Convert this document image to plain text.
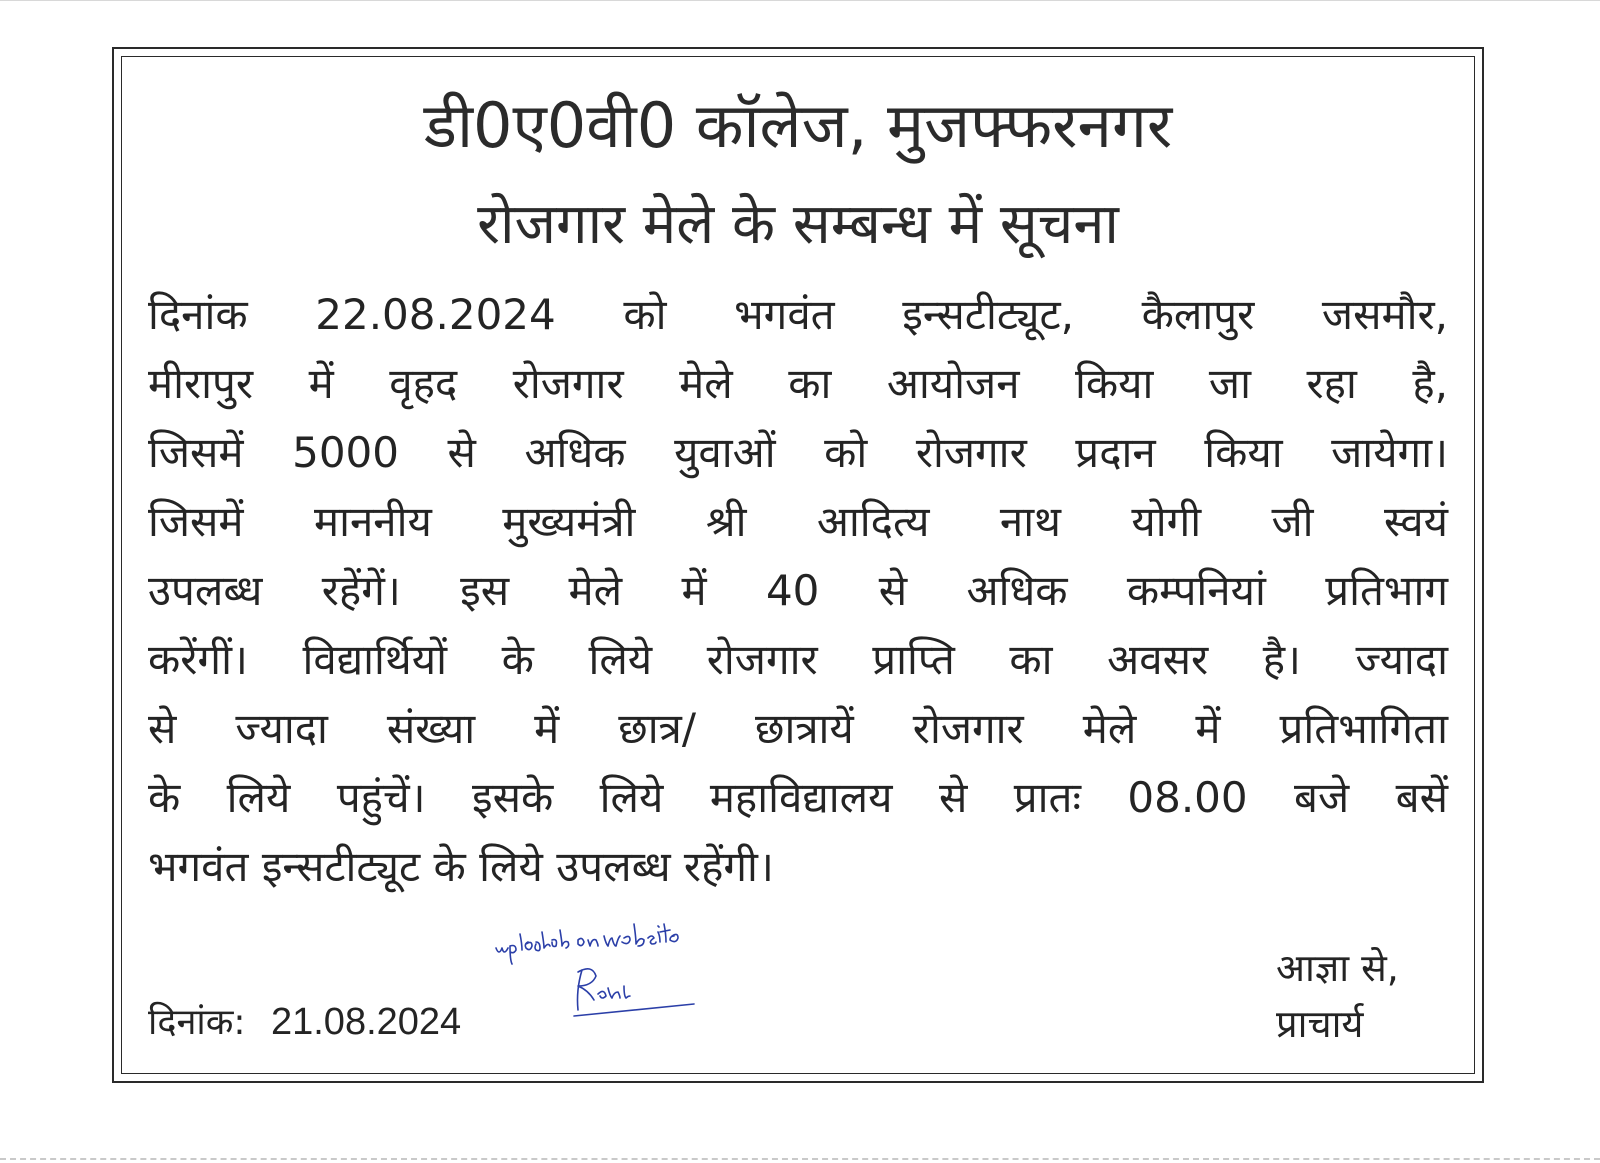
डी0ए0वी0 कॉलेज, मुजफ्फरनगर
रोजगार मेले के सम्बन्ध में सूचना
दिनांक 22.08.2024 को भगवंत इन्सटीट्यूट, कैलापुर जसमौर,
मीरापुर में वृहद रोजगार मेले का आयोजन किया जा रहा है,
जिसमें 5000 से अधिक युवाओं को रोजगार प्रदान किया जायेगा।
जिसमें माननीय मुख्यमंत्री श्री आदित्य नाथ योगी जी स्वयं
उपलब्ध रहेंगें। इस मेले में 40 से अधिक कम्पनियां प्रतिभाग
करेंगीं। विद्यार्थियों के लिये रोजगार प्राप्ति का अवसर है। ज्यादा
से ज्यादा संख्या में छात्र/ छात्रायें रोजगार मेले में प्रतिभागिता
के लिये पहुंचें। इसके लिये महाविद्यालय से प्रातः 08.00 बजे बसें
भगवंत इन्सटीट्यूट के लिये उपलब्ध रहेंगी।
दिनांक: 21.08.2024
आज्ञा से,
प्राचार्य
